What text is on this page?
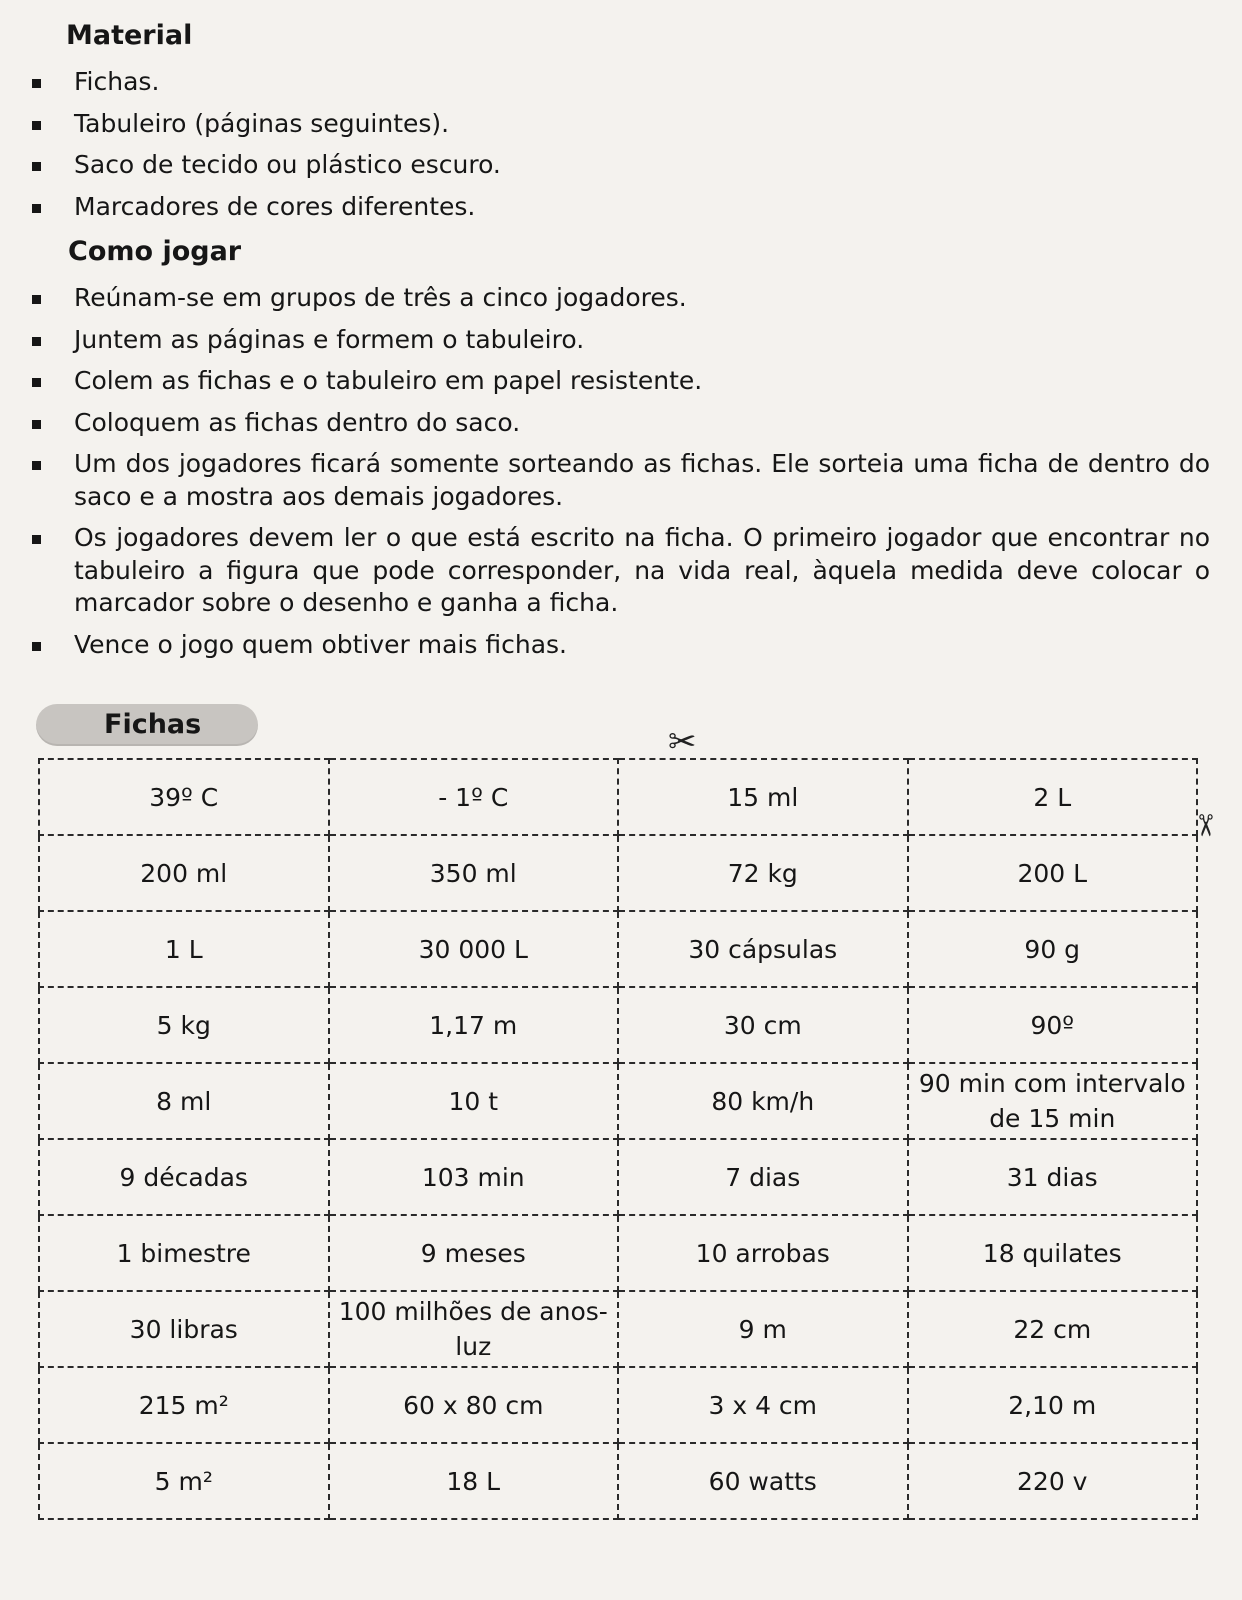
Material
Fichas.
Tabuleiro (páginas seguintes).
Saco de tecido ou plástico escuro.
Marcadores de cores diferentes.
Como jogar
Reúnam-se em grupos de três a cinco jogadores.
Juntem as páginas e formem o tabuleiro.
Colem as fichas e o tabuleiro em papel resistente.
Coloquem as fichas dentro do saco.
Um dos jogadores ficará somente sorteando as fichas. Ele sorteia uma ficha de dentro do saco e a mostra aos demais jogadores.
Os jogadores devem ler o que está escrito na ficha. O primeiro jogador que encontrar no tabuleiro a figura que pode corresponder, na vida real, àquela medida deve colocar o marcador sobre o desenho e ganha a ficha.
Vence o jogo quem obtiver mais fichas.
Fichas	✂
✂
39º C	- 1º C	15 ml	2 L
200 ml	350 ml	72 kg	200 L
1 L	30 000 L	30 cápsulas	90 g
5 kg	1,17 m	30 cm	90º
8 ml	10 t	80 km/h	90 min com intervalo de 15 min
9 décadas	103 min	7 dias	31 dias
1 bimestre	9 meses	10 arrobas	18 quilates
30 libras	100 milhões de anos-luz	9 m	22 cm
215 m²	60 x 80 cm	3 x 4 cm	2,10 m
5 m²	18 L	60 watts	220 v
